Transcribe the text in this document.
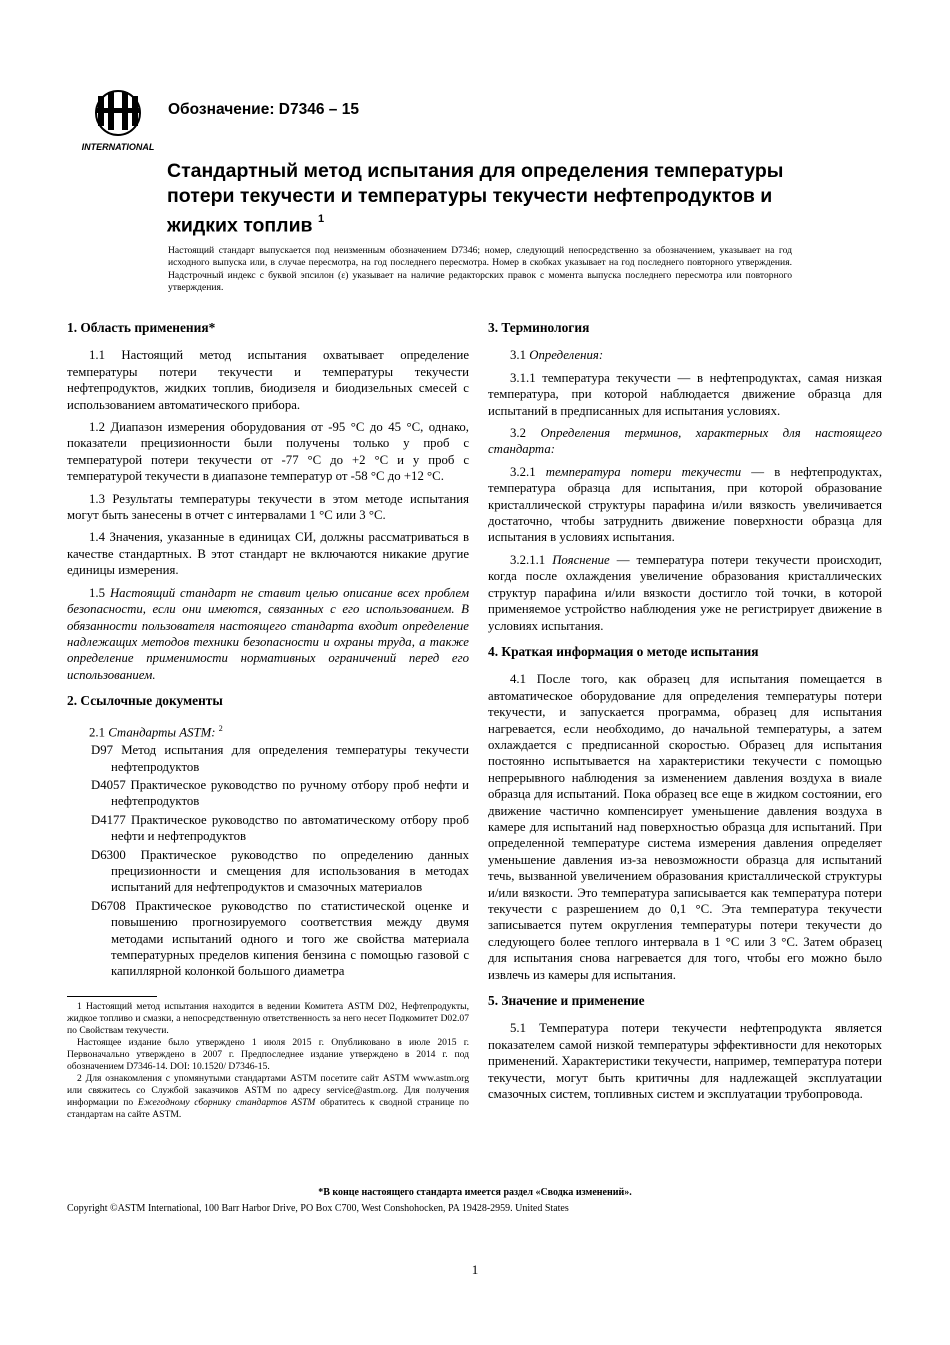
INTERNATIONAL
Обозначение: D7346 – 15
Стандартный метод испытания для определения температуры потери текучести и температуры текучести нефтепродуктов и жидких топлив $^1$
Настоящий стандарт выпускается под неизменным обозначением D7346; номер, следующий непосредственно за обозначением, указывает на год исходного выпуска или, в случае пересмотра, на год последнего пересмотра. Номер в скобках указывает на год последнего повторного утверждения. Надстрочный индекс с буквой эпсилон (ε) указывает на наличие редакторских правок с момента выпуска последнего пересмотра или повторного утверждения.
1. Область применения*

1.1 Настоящий метод испытания охватывает определение температуры потери текучести и температуры текучести нефтепродуктов, жидких топлив, биодизеля и биодизельных смесей с использованием автоматического прибора.

1.2 Диапазон измерения оборудования от -95 °C до 45 °C, однако, показатели прецизионности были получены только у проб с температурой потери текучести от -77 °C до +2 °C и у проб с температурой текучести в диапазоне температур от -58 °C до +12 °C.

1.3 Результаты температуры текучести в этом методе испытания могут быть занесены в отчет с интервалами 1 °C или 3 °C.

1.4 Значения, указанные в единицах СИ, должны рассматриваться в качестве стандартных. В этот стандарт не включаются никакие другие единицы измерения.

1.5 Настоящий стандарт не ставит целью описание всех проблем безопасности, если они имеются, связанных с его использованием. В обязанности пользователя настоящего стандарта входит определение надлежащих методов техники безопасности и охраны труда, а также определение применимости нормативных ограничений перед его использованием.

2. Ссылочные документы

2.1 Стандарты ASTM: $^2$

D97 Метод испытания для определения температуры текучести нефтепродуктов

D4057 Практическое руководство по ручному отбору проб нефти и нефтепродуктов

D4177 Практическое руководство по автоматическому отбору проб нефти и нефтепродуктов

D6300 Практическое руководство по определению данных прецизионности и смещения для использования в методах испытаний для нефтепродуктов и смазочных материалов

D6708 Практическое руководство по статистической оценке и повышению прогнозируемого соответствия между двумя методами испытаний одного и того же свойства материала температурных пределов кипения бензина с помощью газовой с капиллярной колонкой большого диаметра

1 Настоящий метод испытания находится в ведении Комитета ASTM D02, Нефтепродукты, жидкое топливо и смазки, а непосредственную ответственность за него несет Подкомитет D02.07 по Свойствам текучести.

Настоящее издание было утверждено 1 июля 2015 г. Опубликовано в июле 2015 г. Первоначально утверждено в 2007 г. Предпоследнее издание утверждено в 2014 г. под обозначением D7346-14. DOI: 10.1520/ D7346-15.

2 Для ознакомления с упомянутыми стандартами ASTM посетите сайт ASTM www.astm.org или свяжитесь со Службой заказчиков ASTM по адресу service@astm.org. Для получения информации по Ежегодному сборнику стандартов ASTM обратитесь к сводной странице по стандартам на сайте ASTM.

3. Терминология

3.1 Определения:

3.1.1 температура текучести — в нефтепродуктах, самая низкая температура, при которой наблюдается движение образца для испытаний в предписанных для испытания условиях.

3.2 Определения терминов, характерных для настоящего стандарта:

3.2.1 температура потери текучести — в нефтепродуктах, температура образца для испытания, при которой образование кристаллической структуры парафина и/или вязкость увеличивается достаточно, чтобы затруднить движение поверхности образца для испытания в условиях испытания.

3.2.1.1 Пояснение — температура потери текучести происходит, когда после охлаждения увеличение образования кристаллических структур парафина и/или вязкости достигло той точки, в которой применяемое устройство наблюдения уже не регистрирует движение в условиях испытания.

4. Краткая информация о методе испытания

4.1 После того, как образец для испытания помещается в автоматическое оборудование для определения температуры потери текучести, и запускается программа, образец для испытания нагревается, если необходимо, до начальной температуры, а затем охлаждается с предписанной скоростью. Образец для испытания постоянно испытывается на характеристики текучести с помощью непрерывного наблюдения за изменением давления воздуха в виале образца для испытаний. Пока образец все еще в жидком состоянии, его движение частично компенсирует уменьшение давления воздуха в камере для испытаний над поверхностью образца для испытаний. При определенной температуре система измерения давления определяет уменьшение давления из-за невозможности образца для испытаний течь, вызванной увеличением образования кристаллической структуры и/или вязкости. Это температура записывается как температура потери текучести с разрешением до 0,1 °C. Эта температура текучести записывается путем округления температуры потери текучести до следующего более теплого интервала в 1 °C или 3 °C. Затем образец для испытания снова нагревается для того, чтобы его можно было извлечь из камеры для испытания.

5. Значение и применение

5.1 Температура потери текучести нефтепродукта является показателем самой низкой температуры эффективности для некоторых применений. Характеристики текучести, например, температура потери текучести, могут быть критичны для надлежащей эксплуатации смазочных систем, топливных систем и эксплуатации трубопровода.

*В конце настоящего стандарта имеется раздел «Сводка изменений».
Copyright ©ASTM International, 100 Barr Harbor Drive, PO Box C700, West Conshohocken, PA 19428-2959. United States
1
